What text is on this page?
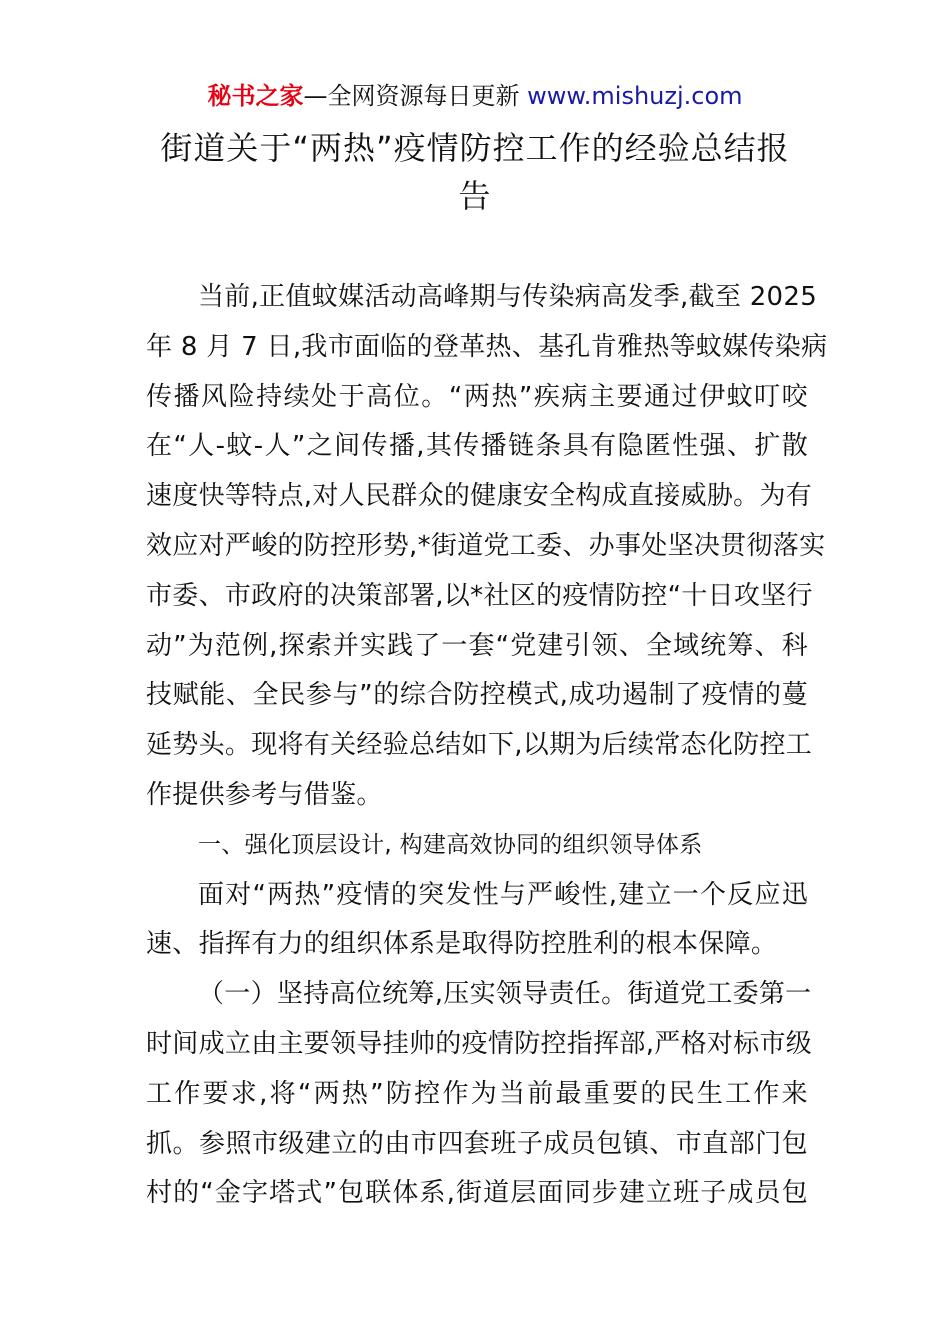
秘书之家—全网资源每日更新 www.mishuzj.com
街道关于“两热”疫情防控工作的经验总结报
告
当前,正值蚊媒活动高峰期与传染病高发季,截至 2025
年 8 月 7 日,我市面临的登革热、基孔肯雅热等蚊媒传染病
传播风险持续处于高位。“两热”疾病主要通过伊蚊叮咬
在“人-蚊-人”之间传播,其传播链条具有隐匿性强、扩散
速度快等特点,对人民群众的健康安全构成直接威胁。为有
效应对严峻的防控形势,*街道党工委、办事处坚决贯彻落实
市委、市政府的决策部署,以*社区的疫情防控“十日攻坚行
动”为范例,探索并实践了一套“党建引领、全域统筹、科
技赋能、全民参与”的综合防控模式,成功遏制了疫情的蔓
延势头。现将有关经验总结如下,以期为后续常态化防控工
作提供参考与借鉴。
一、强化顶层设计, 构建高效协同的组织领导体系
面对“两热”疫情的突发性与严峻性,建立一个反应迅
速、指挥有力的组织体系是取得防控胜利的根本保障。
（一）坚持高位统筹,压实领导责任。街道党工委第一
时间成立由主要领导挂帅的疫情防控指挥部,严格对标市级
工作要求,将“两热”防控作为当前最重要的民生工作来
抓。参照市级建立的由市四套班子成员包镇、市直部门包
村的“金字塔式”包联体系,街道层面同步建立班子成员包
